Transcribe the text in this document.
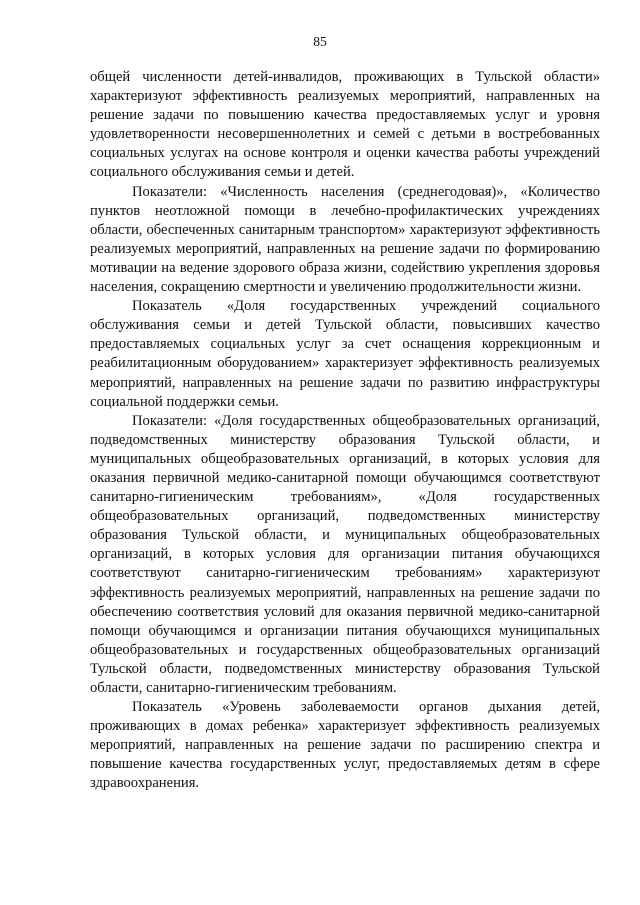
85

общей численности детей-инвалидов, проживающих в Тульской области» характеризуют эффективность реализуемых мероприятий, направленных на решение задачи по повышению качества предоставляемых услуг и уровня удовлетворенности несовершеннолетних и семей с детьми в востребованных социальных услугах на основе контроля и оценки качества работы учреждений социального обслуживания семьи и детей.

Показатели: «Численность населения (среднегодовая)», «Количество пунктов неотложной помощи в лечебно-профилактических учреждениях области, обеспеченных санитарным транспортом» характеризуют эффективность реализуемых мероприятий, направленных на решение задачи по формированию мотивации на ведение здорового образа жизни, содействию укрепления здоровья населения, сокращению смертности и увеличению продолжительности жизни.

Показатель «Доля государственных учреждений социального обслуживания семьи и детей Тульской области, повысивших качество предоставляемых социальных услуг за счет оснащения коррекционным и реабилитационным оборудованием» характеризует эффективность реализуемых мероприятий, направленных на решение задачи по развитию инфраструктуры социальной поддержки семьи.

Показатели: «Доля государственных общеобразовательных организаций, подведомственных министерству образования Тульской области, и муниципальных общеобразовательных организаций, в которых условия для оказания первичной медико-санитарной помощи обучающимся соответствуют санитарно-гигиеническим требованиям», «Доля государственных общеобразовательных организаций, подведомственных министерству образования Тульской области, и муниципальных общеобразовательных организаций, в которых условия для организации питания обучающихся соответствуют санитарно-гигиеническим требованиям» характеризуют эффективность реализуемых мероприятий, направленных на решение задачи по обеспечению соответствия условий для оказания первичной медико-санитарной помощи обучающимся и организации питания обучающихся муниципальных общеобразовательных и государственных общеобразовательных организаций Тульской области, подведомственных министерству образования Тульской области, санитарно-гигиеническим требованиям.

Показатель «Уровень заболеваемости органов дыхания детей, проживающих в домах ребенка» характеризует эффективность реализуемых мероприятий, направленных на решение задачи по расширению спектра и повышение качества государственных услуг, предоставляемых детям в сфере здравоохранения.
